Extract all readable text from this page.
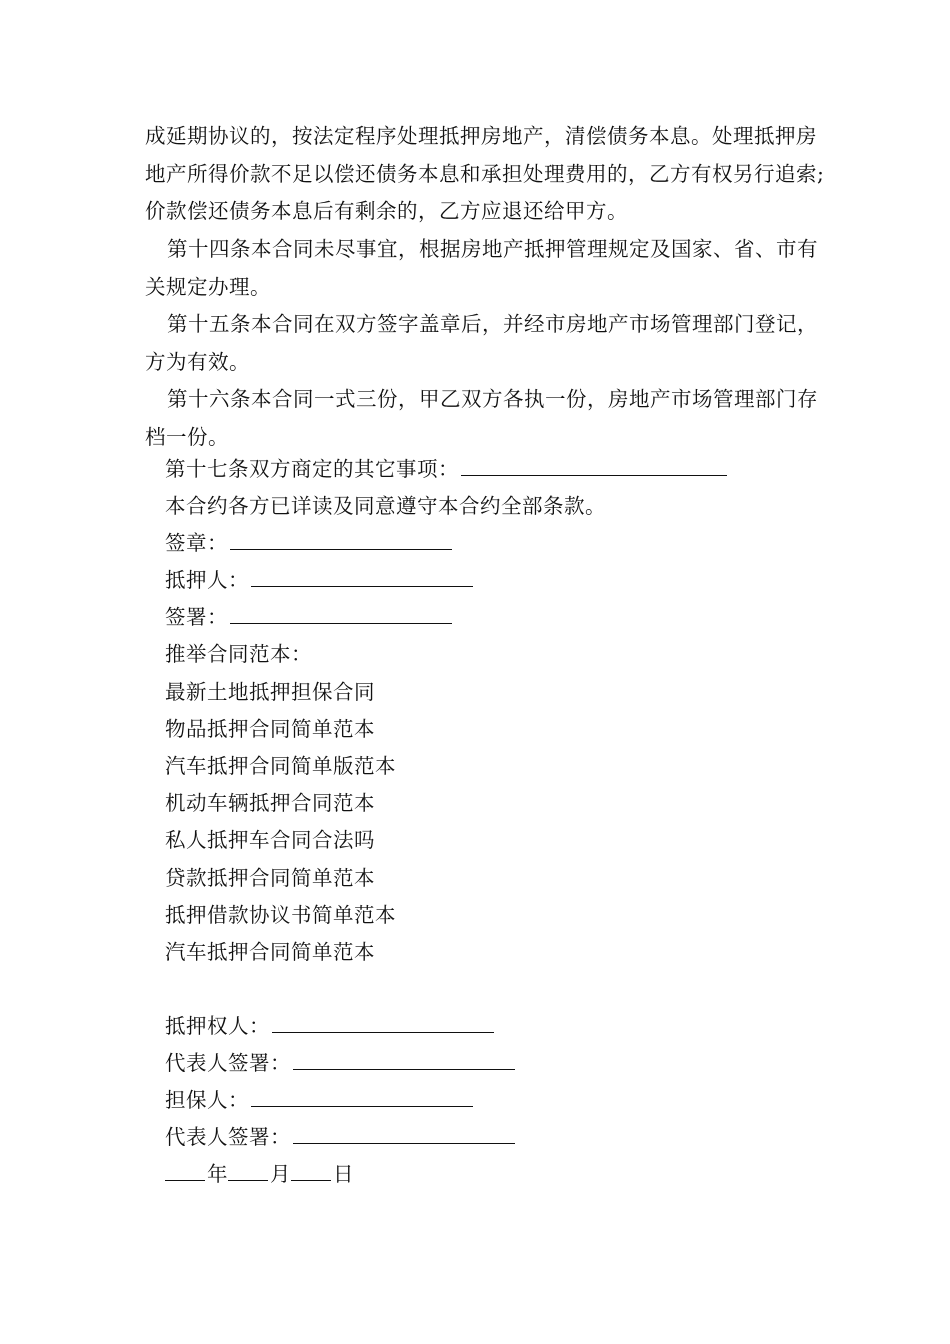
成延期协议的，按法定程序处理抵押房地产，清偿债务本息。处理抵押房地产所得价款不足以偿还债务本息和承担处理费用的，乙方有权另行追索;价款偿还债务本息后有剩余的，乙方应退还给甲方。

第十四条本合同未尽事宜，根据房地产抵押管理规定及国家、省、市有关规定办理。

第十五条本合同在双方签字盖章后，并经市房地产市场管理部门登记，方为有效。

第十六条本合同一式三份，甲乙双方各执一份，房地产市场管理部门存档一份。

第十七条双方商定的其它事项：
本合约各方已详读及同意遵守本合约全部条款。
签章：
抵押人：
签署：
推举合同范本：
最新土地抵押担保合同
物品抵押合同简单范本
汽车抵押合同简单版范本
机动车辆抵押合同范本
私人抵押车合同合法吗
贷款抵押合同简单范本
抵押借款协议书简单范本
汽车抵押合同简单范本
抵押权人：
代表人签署：
担保人：
代表人签署：
年 月 日
